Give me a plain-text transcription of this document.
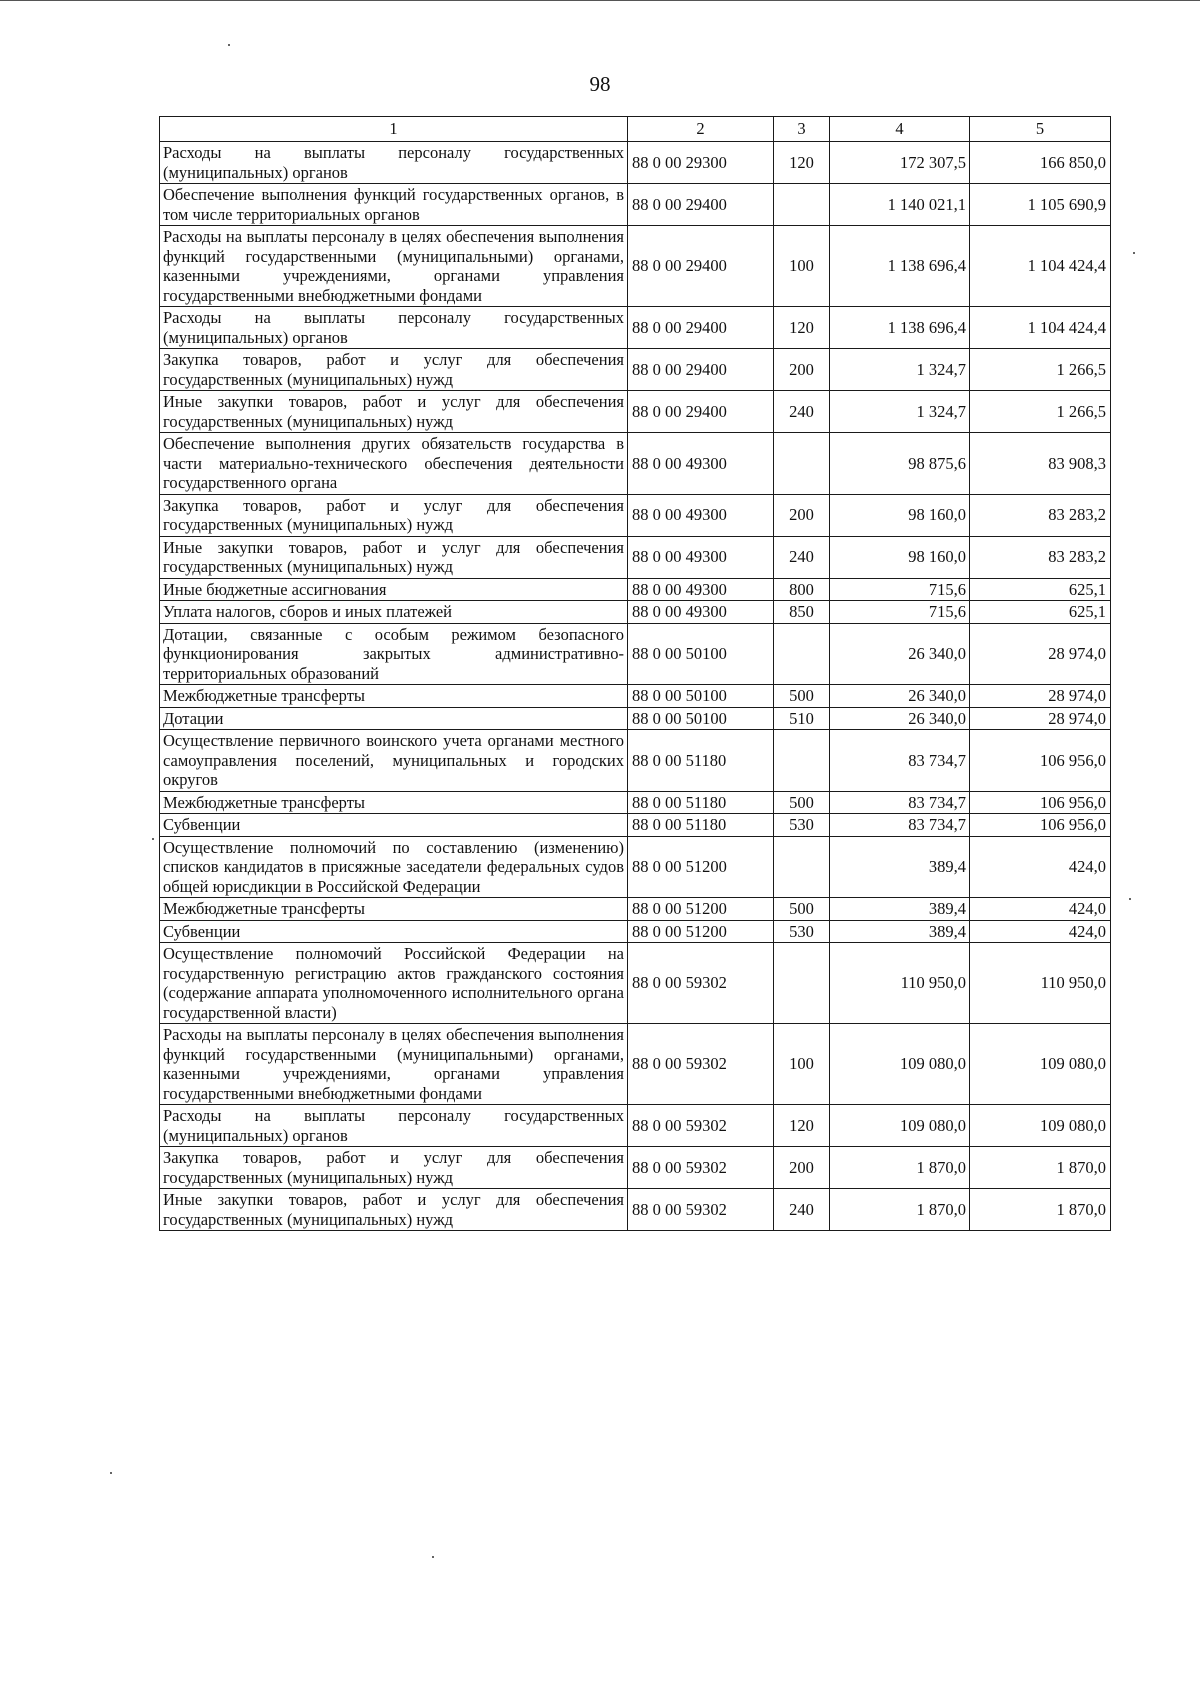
98
1	2	3	4	5
Расходы на выплаты персоналу государственных (муниципальных) органов	88 0 00 29300	120	172 307,5	166 850,0
Обеспечение выполнения функций государственных органов, в том числе территориальных органов	88 0 00 29400		1 140 021,1	1 105 690,9
Расходы на выплаты персоналу в целях обеспечения выполнения функций государственными (муниципальными) органами, казенными учреждениями, органами управления государственными внебюджетными фондами	88 0 00 29400	100	1 138 696,4	1 104 424,4
Расходы на выплаты персоналу государственных (муниципальных) органов	88 0 00 29400	120	1 138 696,4	1 104 424,4
Закупка товаров, работ и услуг для обеспечения государственных (муниципальных) нужд	88 0 00 29400	200	1 324,7	1 266,5
Иные закупки товаров, работ и услуг для обеспечения государственных (муниципальных) нужд	88 0 00 29400	240	1 324,7	1 266,5
Обеспечение выполнения других обязательств государства в части материально-технического обеспечения деятельности государственного органа	88 0 00 49300		98 875,6	83 908,3
Закупка товаров, работ и услуг для обеспечения государственных (муниципальных) нужд	88 0 00 49300	200	98 160,0	83 283,2
Иные закупки товаров, работ и услуг для обеспечения государственных (муниципальных) нужд	88 0 00 49300	240	98 160,0	83 283,2
Иные бюджетные ассигнования	88 0 00 49300	800	715,6	625,1
Уплата налогов, сборов и иных платежей	88 0 00 49300	850	715,6	625,1
Дотации, связанные с особым режимом безопасного функционирования закрытых административно-территориальных образований	88 0 00 50100		26 340,0	28 974,0
Межбюджетные трансферты	88 0 00 50100	500	26 340,0	28 974,0
Дотации	88 0 00 50100	510	26 340,0	28 974,0
Осуществление первичного воинского учета органами местного самоуправления поселений, муниципальных и городских округов	88 0 00 51180		83 734,7	106 956,0
Межбюджетные трансферты	88 0 00 51180	500	83 734,7	106 956,0
Субвенции	88 0 00 51180	530	83 734,7	106 956,0
Осуществление полномочий по составлению (изменению) списков кандидатов в присяжные заседатели федеральных судов общей юрисдикции в Российской Федерации	88 0 00 51200		389,4	424,0
Межбюджетные трансферты	88 0 00 51200	500	389,4	424,0
Субвенции	88 0 00 51200	530	389,4	424,0
Осуществление полномочий Российской Федерации на государственную регистрацию актов гражданского состояния (содержание аппарата уполномоченного исполнительного органа государственной власти)	88 0 00 59302		110 950,0	110 950,0
Расходы на выплаты персоналу в целях обеспечения выполнения функций государственными (муниципальными) органами, казенными учреждениями, органами управления государственными внебюджетными фондами	88 0 00 59302	100	109 080,0	109 080,0
Расходы на выплаты персоналу государственных (муниципальных) органов	88 0 00 59302	120	109 080,0	109 080,0
Закупка товаров, работ и услуг для обеспечения государственных (муниципальных) нужд	88 0 00 59302	200	1 870,0	1 870,0
Иные закупки товаров, работ и услуг для обеспечения государственных (муниципальных) нужд	88 0 00 59302	240	1 870,0	1 870,0
